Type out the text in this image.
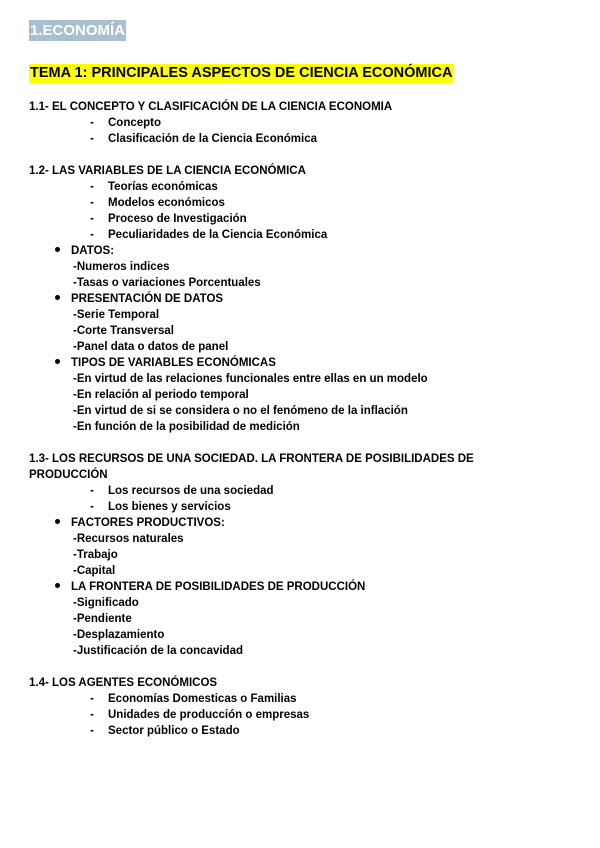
1.ECONOMÍA
TEMA 1: PRINCIPALES ASPECTOS DE CIENCIA ECONÓMICA
1.1- EL CONCEPTO Y CLASIFICACIÓN DE LA CIENCIA ECONOMIA
- Concepto
- Clasificación de la Ciencia Económica
1.2- LAS VARIABLES DE LA CIENCIA ECONÓMICA
- Teorías económicas
- Modelos económicos
- Proceso de Investigación
- Peculiaridades de la Ciencia Económica
DATOS:
-Numeros indices
-Tasas o variaciones Porcentuales
PRESENTACIÓN DE DATOS
-Serie Temporal
-Corte Transversal
-Panel data o datos de panel
TIPOS DE VARIABLES ECONÓMICAS
-En virtud de las relaciones funcionales entre ellas en un modelo
-En relación al periodo temporal
-En virtud de si se considera o no el fenómeno de la inflación
-En función de la posibilidad de medición
1.3- LOS RECURSOS DE UNA SOCIEDAD. LA FRONTERA DE POSIBILIDADES DE
PRODUCCIÓN
- Los recursos de una sociedad
- Los bienes y servicios
FACTORES PRODUCTIVOS:
-Recursos naturales
-Trabajo
-Capital
LA FRONTERA DE POSIBILIDADES DE PRODUCCIÓN
-Significado
-Pendiente
-Desplazamiento
-Justificación de la concavidad
1.4- LOS AGENTES ECONÓMICOS
- Economías Domesticas o Familias
- Unidades de producción o empresas
- Sector público o Estado
